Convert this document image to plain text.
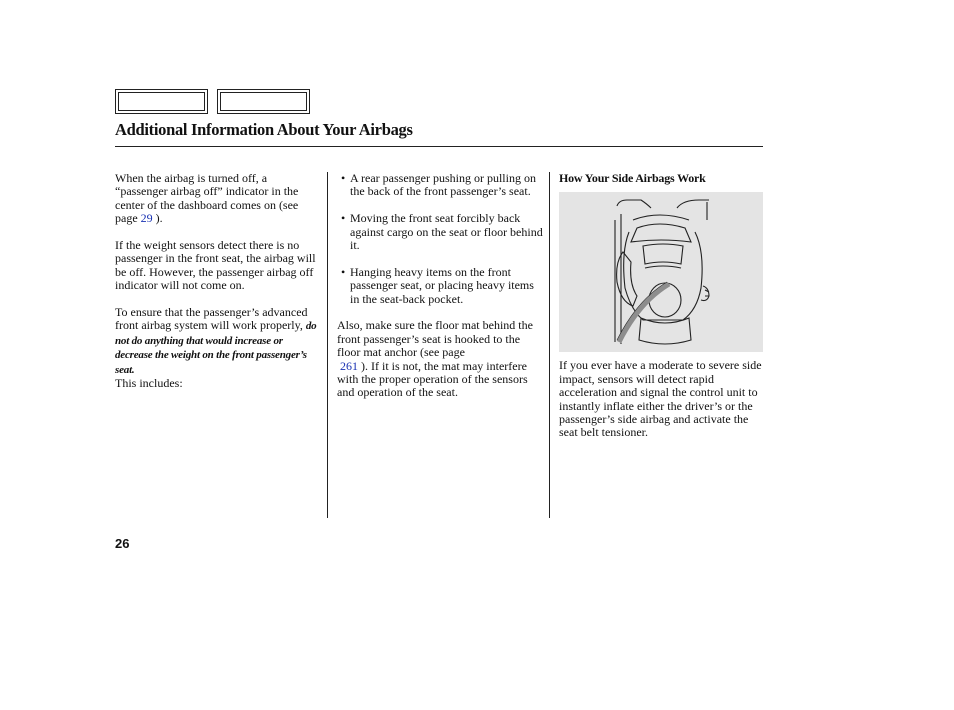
Additional Information About Your Airbags

When the airbag is turned off, a “passenger airbag off” indicator in the center of the dashboard comes on (see page 29 ).

If the weight sensors detect there is no passenger in the front seat, the airbag will be off. However, the passenger airbag off indicator will not come on.

To ensure that the passenger’s advanced front airbag system will work properly, do not do anything that would increase or decrease the weight on the front passenger’s seat.
This includes:

• A rear passenger pushing or pulling on the back of the front passenger’s seat.
• Moving the front seat forcibly back against cargo on the seat or floor behind it.
• Hanging heavy items on the front passenger seat, or placing heavy items in the seat-back pocket.

Also, make sure the floor mat behind the front passenger’s seat is hooked to the floor mat anchor (see page
261 ). If it is not, the mat may interfere with the proper operation of the sensors and operation of the seat.

How Your Side Airbags Work

If you ever have a moderate to severe side impact, sensors will detect rapid acceleration and signal the control unit to instantly inflate either the driver’s or the passenger’s side airbag and activate the seat belt tensioner.

26
